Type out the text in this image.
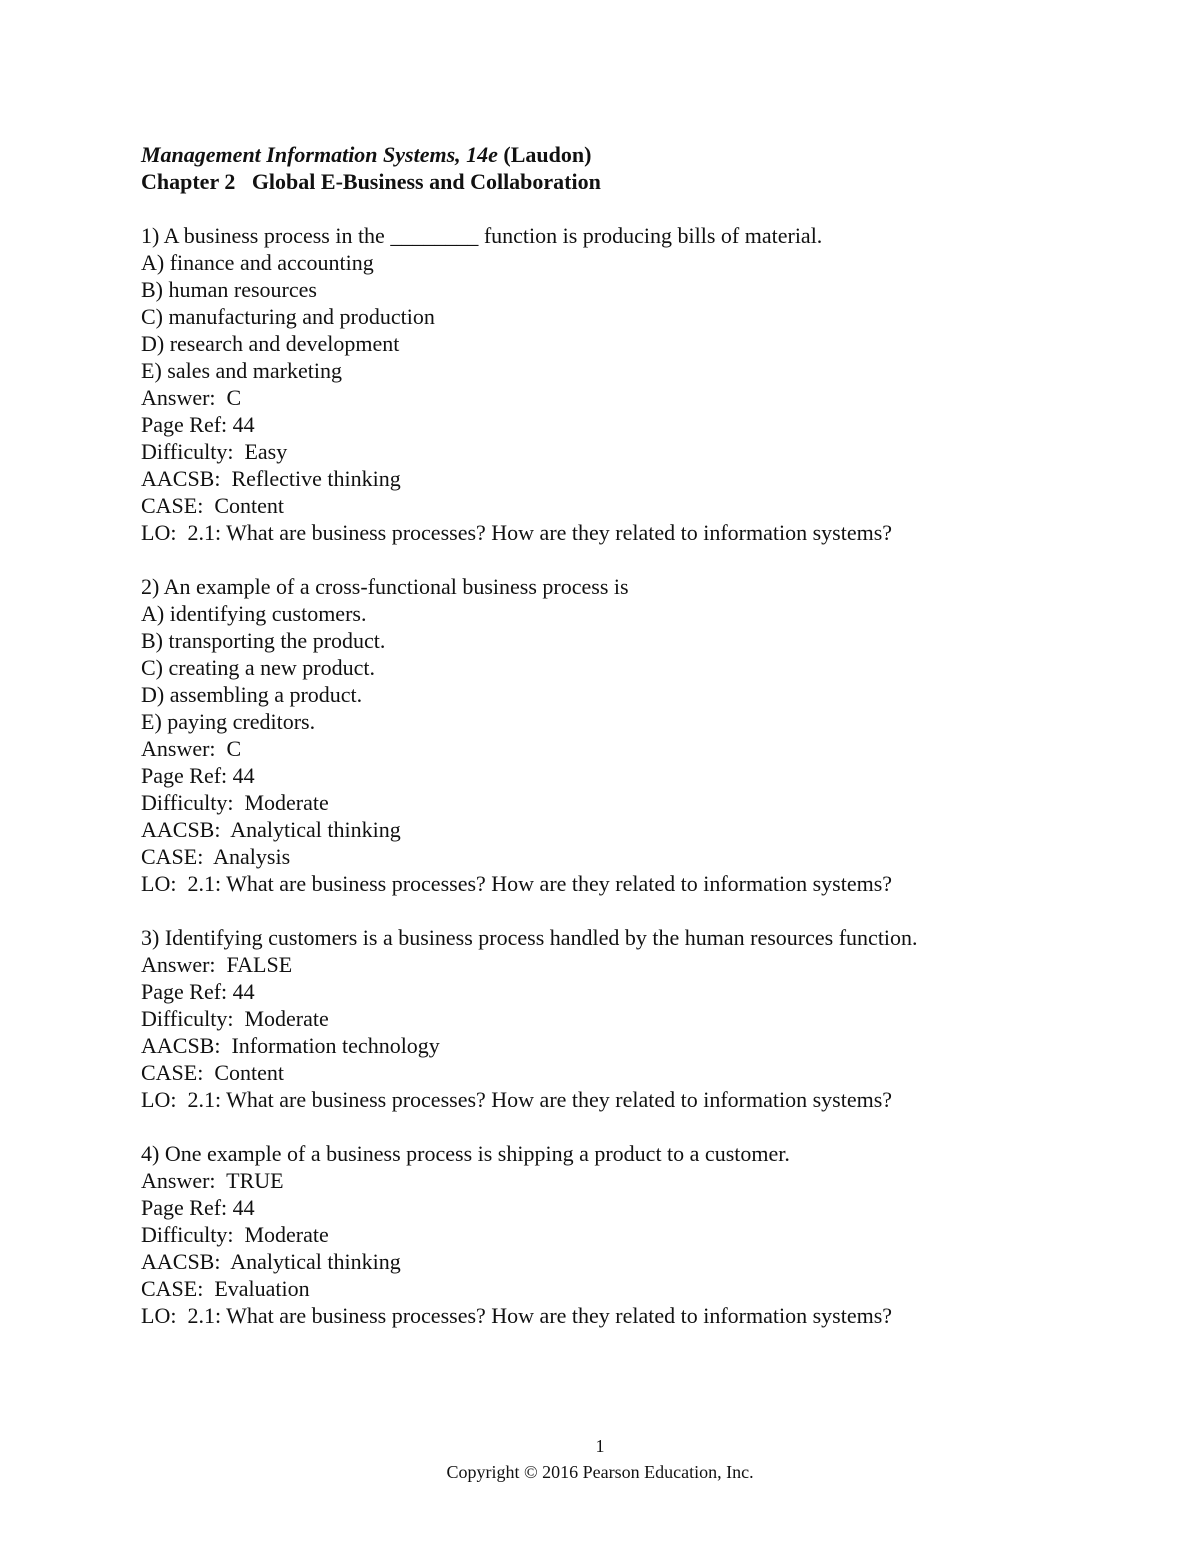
Management Information Systems, 14e (Laudon)
Chapter 2   Global E-Business and Collaboration
1) A business process in the ________ function is producing bills of material.
A) finance and accounting
B) human resources
C) manufacturing and production
D) research and development
E) sales and marketing
Answer:  C
Page Ref: 44
Difficulty:  Easy
AACSB:  Reflective thinking
CASE:  Content
LO:  2.1: What are business processes? How are they related to information systems?
2) An example of a cross-functional business process is
A) identifying customers.
B) transporting the product.
C) creating a new product.
D) assembling a product.
E) paying creditors.
Answer:  C
Page Ref: 44
Difficulty:  Moderate
AACSB:  Analytical thinking
CASE:  Analysis
LO:  2.1: What are business processes? How are they related to information systems?
3) Identifying customers is a business process handled by the human resources function.
Answer:  FALSE
Page Ref: 44
Difficulty:  Moderate
AACSB:  Information technology
CASE:  Content
LO:  2.1: What are business processes? How are they related to information systems?
4) One example of a business process is shipping a product to a customer.
Answer:  TRUE
Page Ref: 44
Difficulty:  Moderate
AACSB:  Analytical thinking
CASE:  Evaluation
LO:  2.1: What are business processes? How are they related to information systems?
1
Copyright © 2016 Pearson Education, Inc.
